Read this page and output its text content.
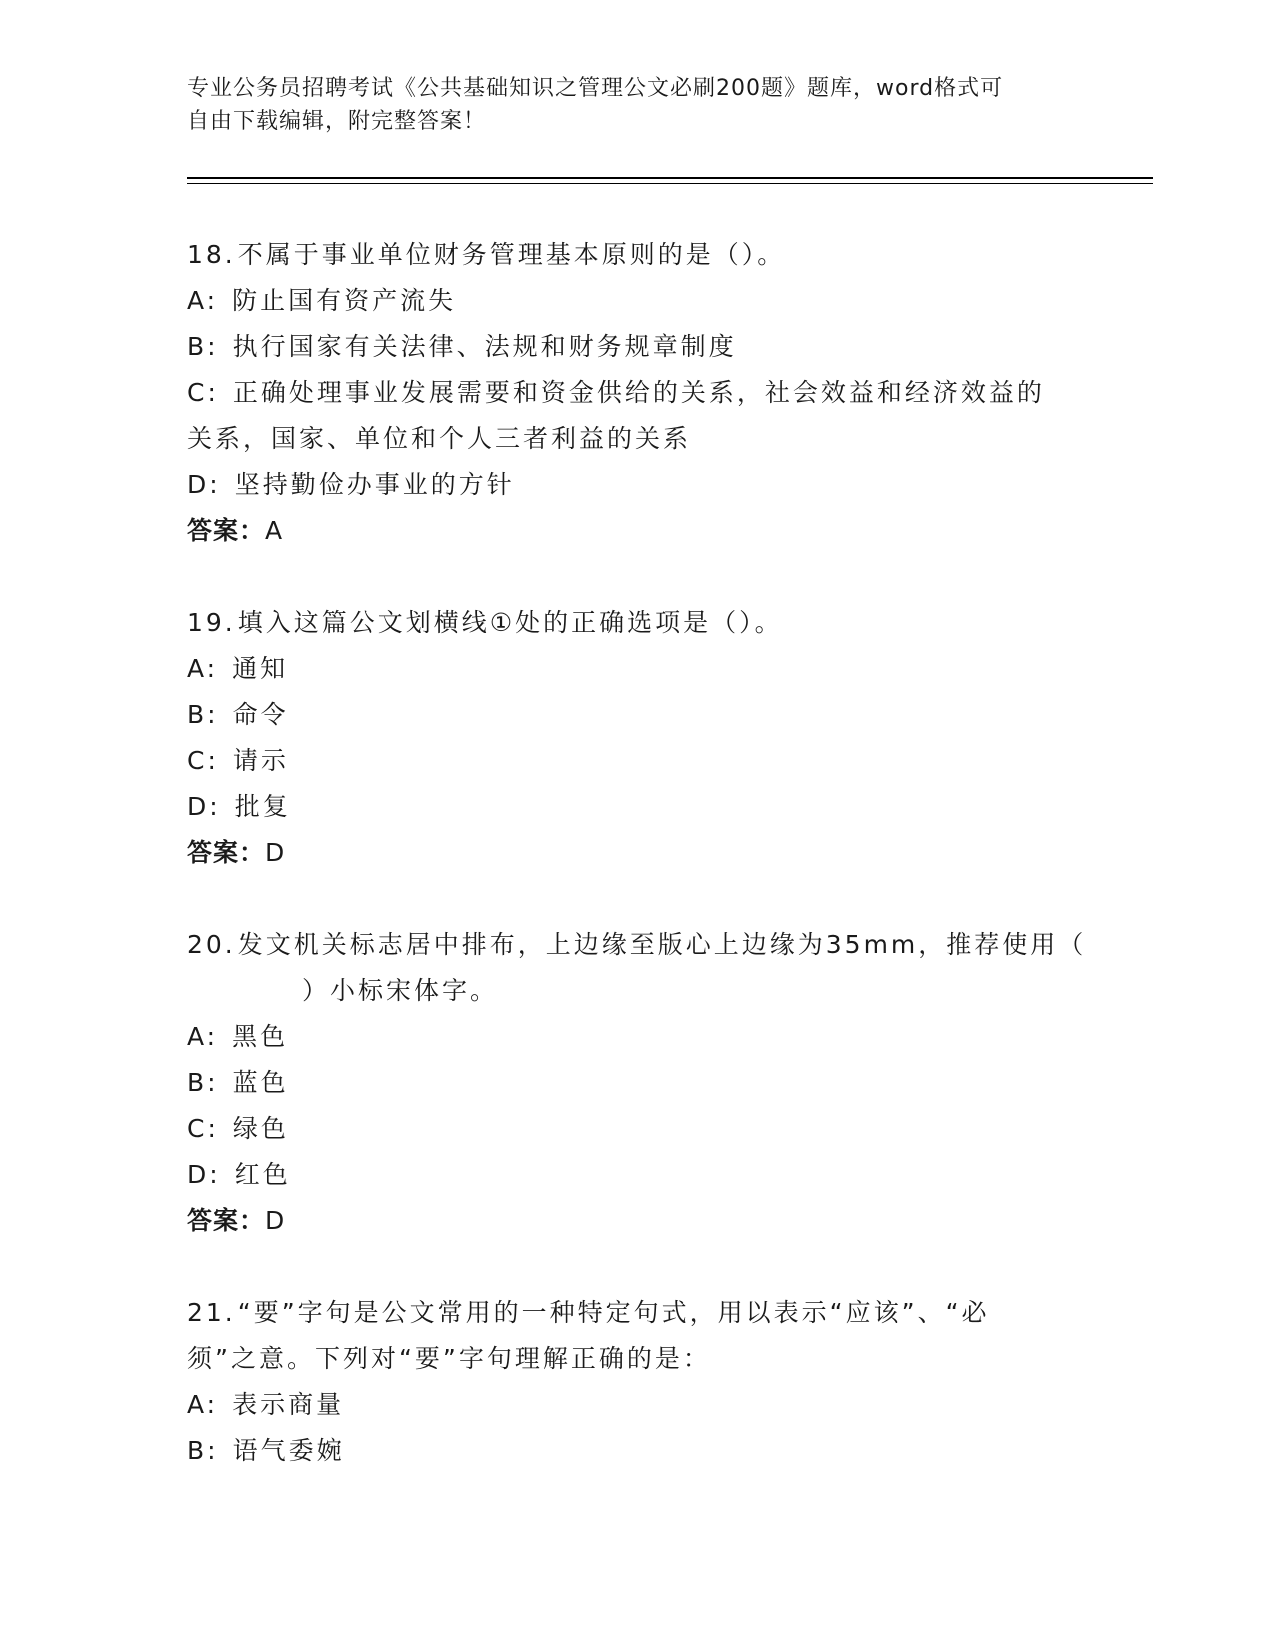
专业公务员招聘考试《公共基础知识之管理公文必刷200题》题库，word格式可
自由下载编辑，附完整答案！
18.不属于事业单位财务管理基本原则的是（）。
A: 防止国有资产流失
B: 执行国家有关法律、法规和财务规章制度
C: 正确处理事业发展需要和资金供给的关系，社会效益和经济效益的
关系，国家、单位和个人三者利益的关系
D: 坚持勤俭办事业的方针
答案：A
19.填入这篇公文划横线①处的正确选项是（）。
A: 通知
B: 命令
C: 请示
D: 批复
答案：D
20.发文机关标志居中排布，上边缘至版心上边缘为35mm，推荐使用（
）小标宋体字。
A: 黑色
B: 蓝色
C: 绿色
D: 红色
答案：D
21.“要”字句是公文常用的一种特定句式，用以表示“应该”、“必
须”之意。下列对“要”字句理解正确的是：
A: 表示商量
B: 语气委婉
